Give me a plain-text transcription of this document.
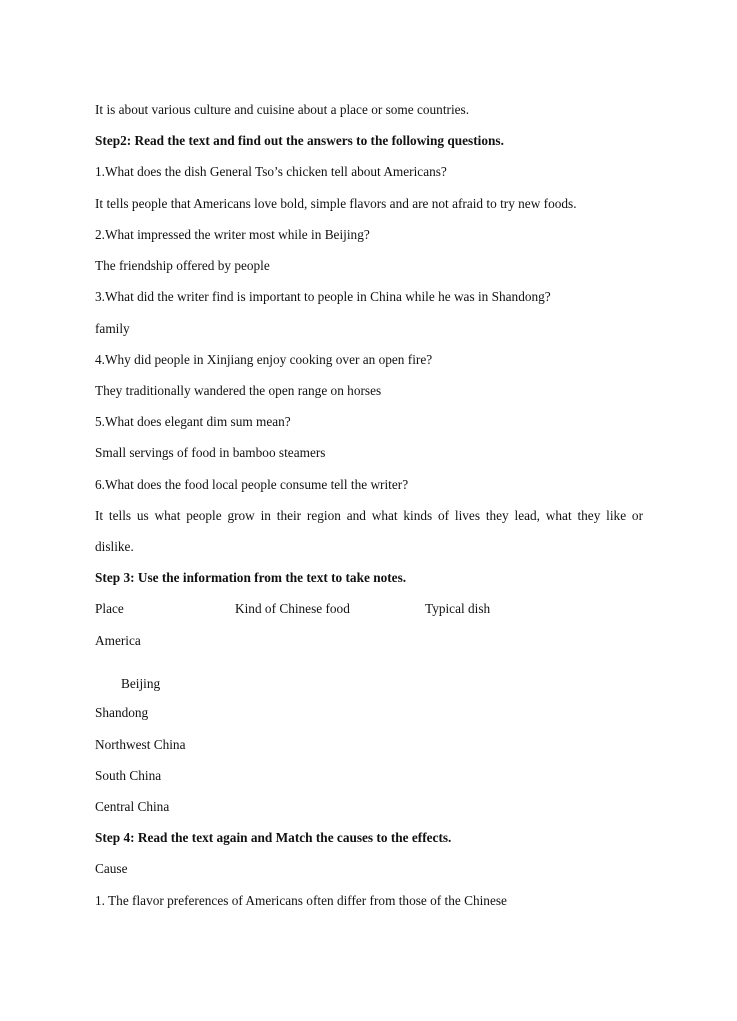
It is about various culture and cuisine about a place or some countries.

Step2: Read the text and find out the answers to the following questions.

1.What does the dish General Tso’s chicken tell about Americans?

It tells people that Americans love bold, simple flavors and are not afraid to try new foods.

2.What impressed the writer most while in Beijing?

The friendship offered by people

3.What did the writer find is important to people in China while he was in Shandong?

family

4.Why did people in Xinjiang enjoy cooking over an open fire?

They traditionally wandered the open range on horses

5.What does elegant dim sum mean?

Small servings of food in bamboo steamers

6.What does the food local people consume tell the writer?

It tells us what people grow in their region and what kinds of lives they lead, what they like or

dislike.

Step 3: Use the information from the text to take notes.

Place	Kind of Chinese food	Typical dish

America

Beijing

Shandong

Northwest China

South China

Central China

Step 4: Read the text again and Match the causes to the effects.

Cause

1. The flavor preferences of Americans often differ from those of the Chinese
